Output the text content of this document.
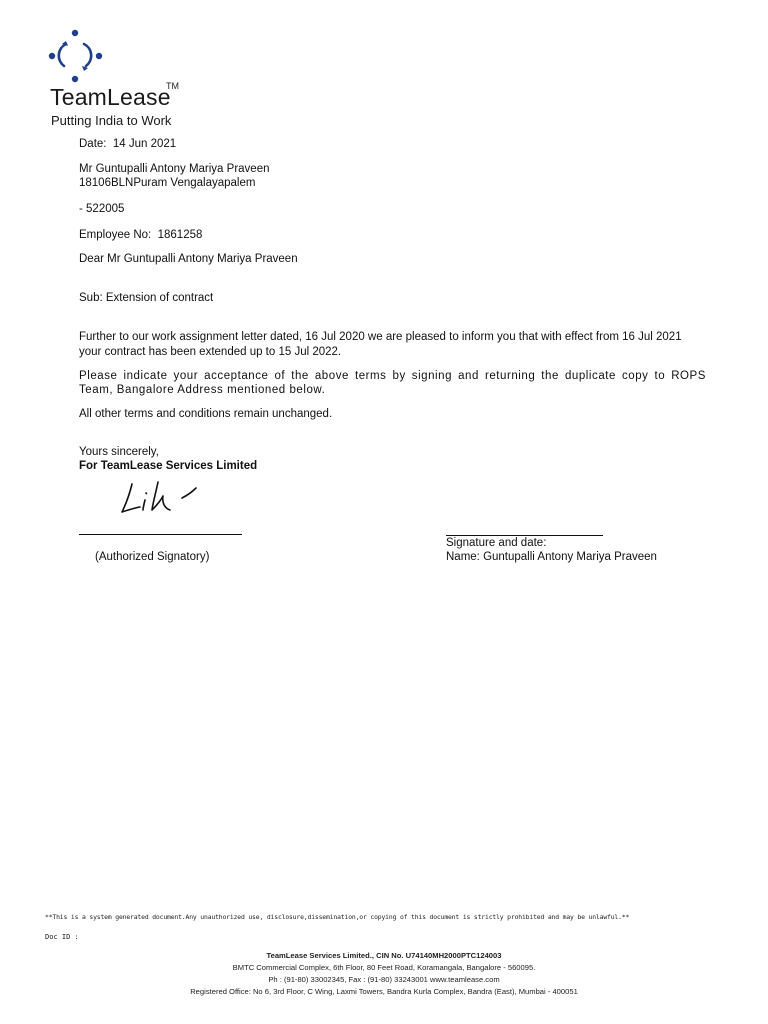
TeamLease
TM
Putting India to Work
Date: 14 Jun 2021
Mr Guntupalli Antony Mariya Praveen
18106BLNPuram Vengalayapalem
- 522005
Employee No: 1861258
Dear Mr Guntupalli Antony Mariya Praveen
Sub: Extension of contract
Further to our work assignment letter dated, 16 Jul 2020 we are pleased to inform you that with effect from 16 Jul 2021
your contract has been extended up to 15 Jul 2022.
Please indicate your acceptance of the above terms by signing and returning the duplicate copy to ROPS Team, Bangalore Address mentioned below.
All other terms and conditions remain unchanged.
Yours sincerely,
For TeamLease Services Limited
(Authorized Signatory)
Signature and date:
Name: Guntupalli Antony Mariya Praveen
**This is a system generated document.Any unauthorized use, disclosure,dissemination,or copying of this document is strictly prohibited and may be unlawful.**
Doc ID :
TeamLease Services Limited., CIN No. U74140MH2000PTC124003
BMTC Commercial Complex, 6th Floor, 80 Feet Road, Koramangala, Bangalore - 560095.
Ph : (91-80) 33002345, Fax : (91-80) 33243001 www.teamlease.com
Registered Office: No 6, 3rd Floor, C Wing, Laxmi Towers, Bandra Kurla Complex, Bandra (East), Mumbai - 400051
